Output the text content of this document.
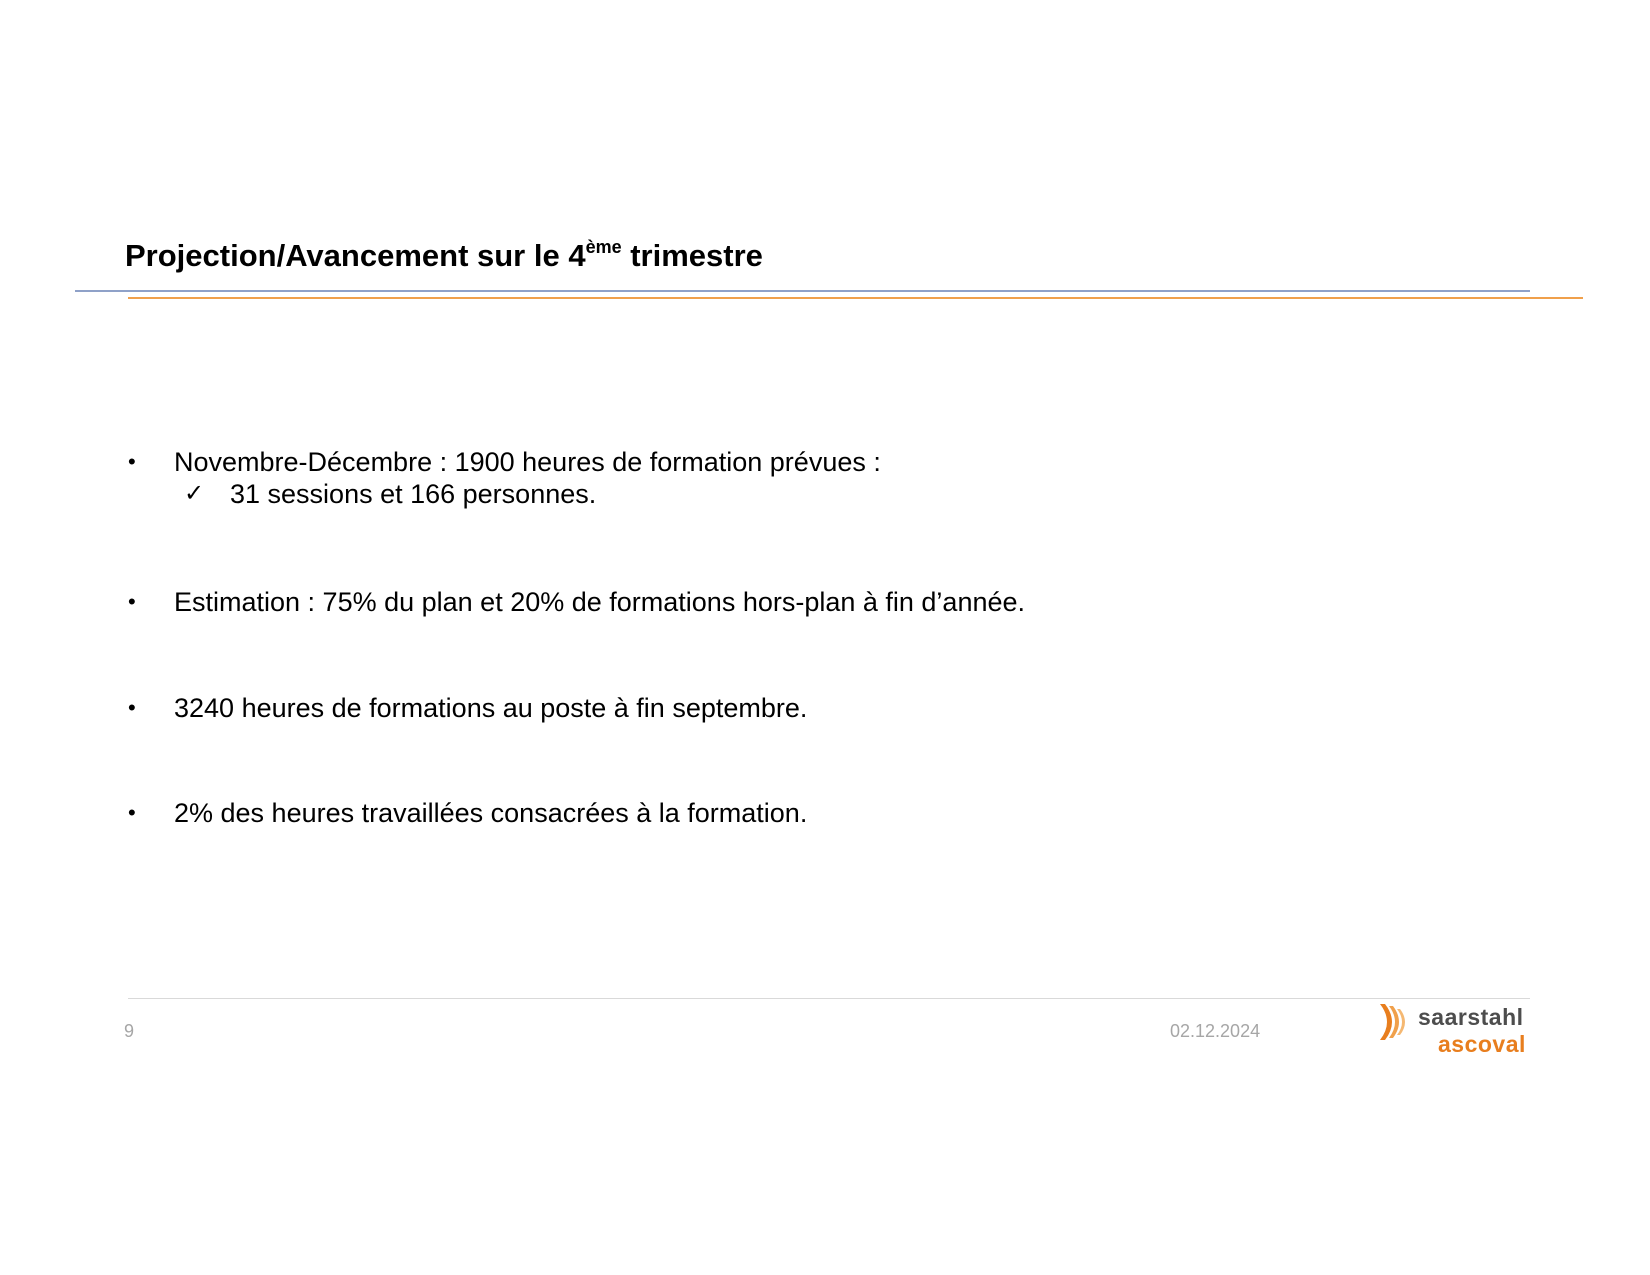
Projection/Avancement sur le 4ème trimestre
• Novembre-Décembre : 1900 heures de formation prévues :
✓ 31 sessions et 166 personnes.
• Estimation : 75% du plan et 20% de formations hors-plan à fin d’année.
• 3240 heures de formations au poste à fin septembre.
• 2% des heures travaillées consacrées à la formation.
9	02.12.2024
saarstahl
ascoval
